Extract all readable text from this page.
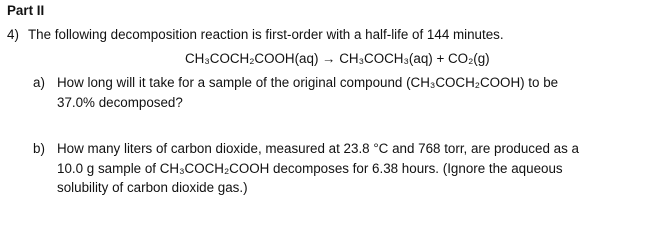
Part II
4) The following decomposition reaction is first-order with a half-life of 144 minutes.
CH₃COCH₂COOH(aq) → CH₃COCH₃(aq) + CO₂(g)
a) How long will it take for a sample of the original compound (CH₃COCH₂COOH) to be
37.0% decomposed?
b) How many liters of carbon dioxide, measured at 23.8 °C and 768 torr, are produced as a
10.0 g sample of CH₃COCH₂COOH decomposes for 6.38 hours. (Ignore the aqueous
solubility of carbon dioxide gas.)
